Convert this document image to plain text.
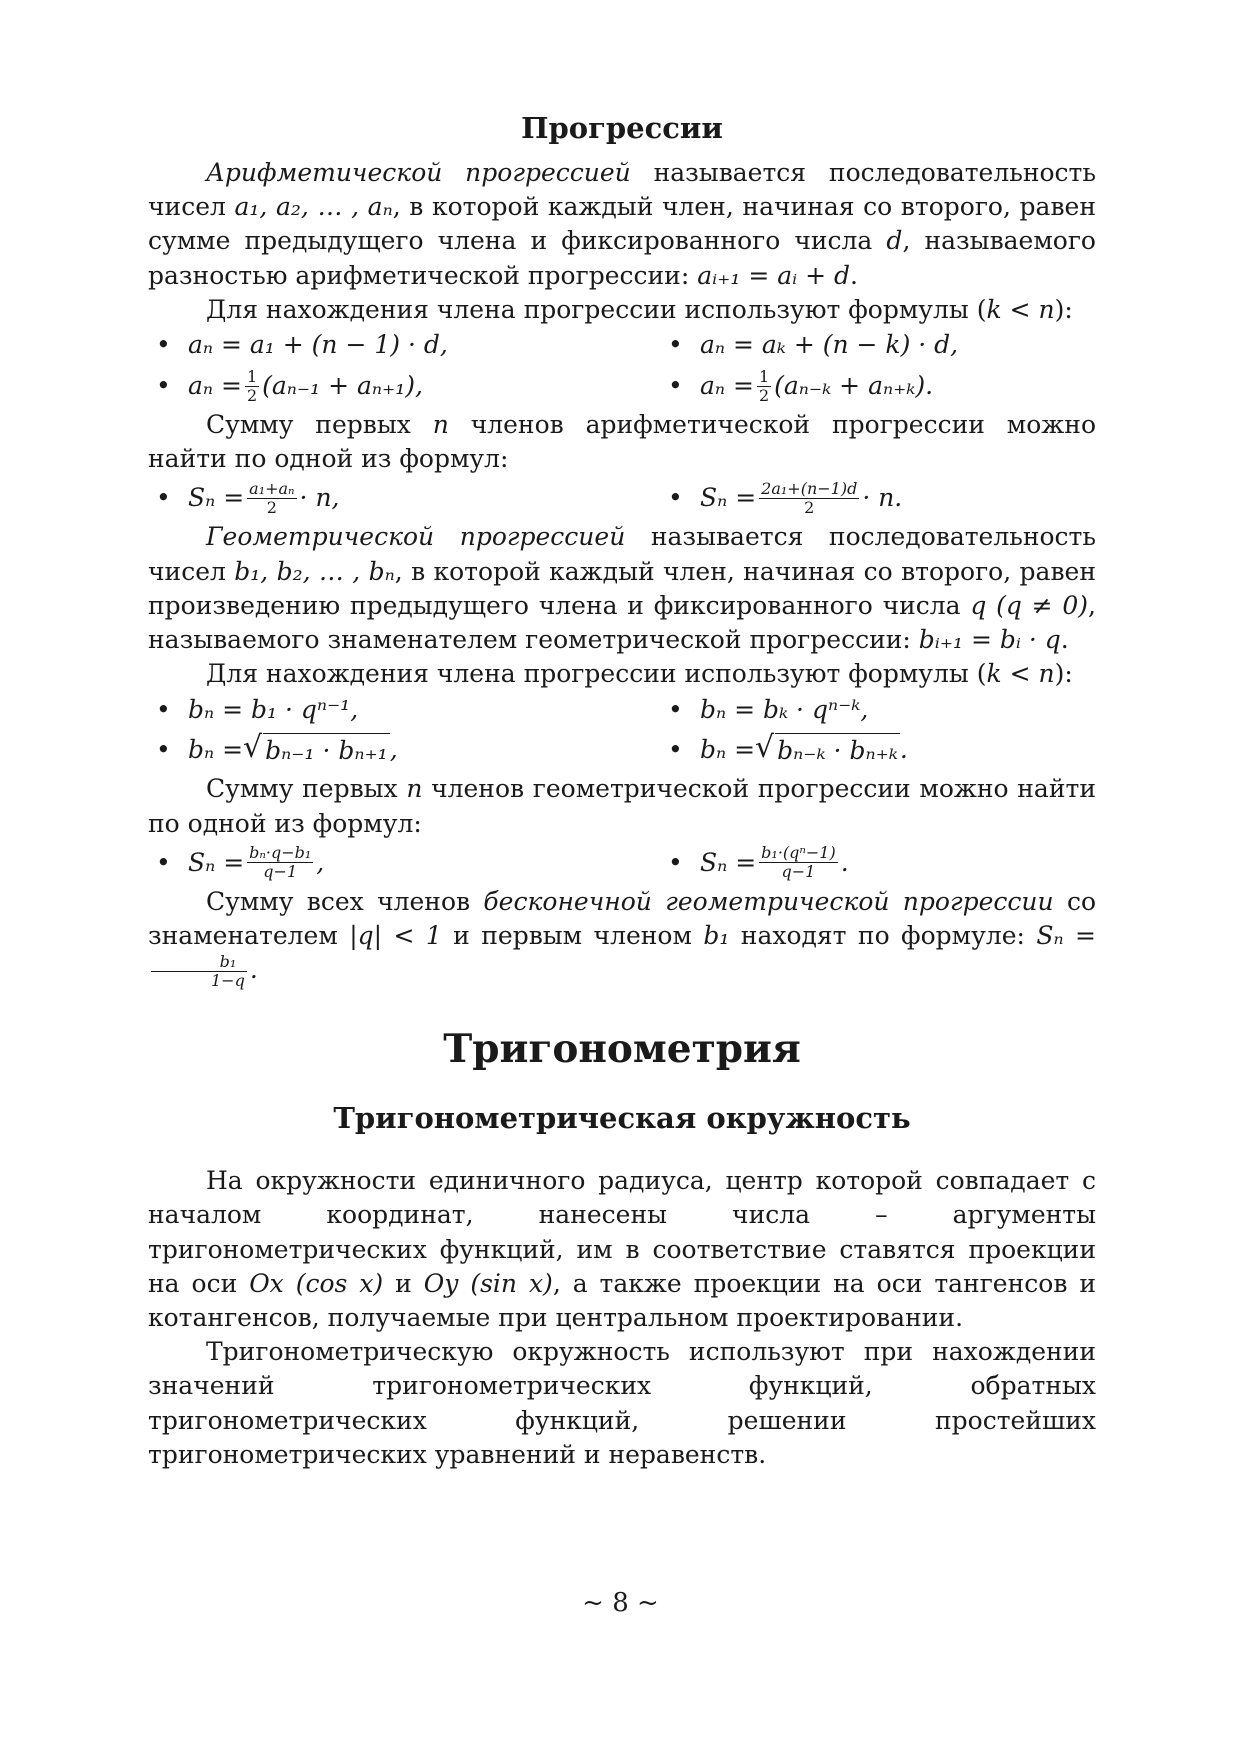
Прогрессии

Арифметической прогрессией называется последовательность чисел a₁, a₂, … , aₙ, в которой каждый член, начиная со второго, равен сумме предыдущего члена и фиксированного числа d, называемого разностью арифметической прогрессии: aᵢ₊₁ = aᵢ + d.

Для нахождения члена прогрессии используют формулы (k < n):

• aₙ = a₁ + (n − 1) · d,	• aₙ = aₖ + (n − k) · d,
• $a_n = \frac{1}{2} (a_{n-1} + a_{n+1})$,	• $a_n = \frac{1}{2} (a_{n-k} + a_{n+k})$.

Сумму первых n членов арифметической прогрессии можно найти по одной из формул:

• $S_n = \frac{\text{a₁+aₙ}}{2} \cdot n$,	• $S_n = \frac{\text{2a₁+(n−1)d}}{2} \cdot n$.

Геометрической прогрессией называется последовательность чисел b₁, b₂, … , bₙ, в которой каждый член, начиная со второго, равен произведению предыдущего члена и фиксированного числа q (q ≠ 0), называемого знаменателем геометрической прогрессии: bᵢ₊₁ = bᵢ · q.

Для нахождения члена прогрессии используют формулы (k < n):

• bₙ = b₁ · qⁿ⁻¹,	• bₙ = bₖ · qⁿ⁻ᵏ,
• bₙ = √ bₙ₋₁ · bₙ₊₁ ,	• bₙ = √ bₙ₋ₖ · bₙ₊ₖ .

Сумму первых n членов геометрической прогрессии можно найти по одной из формул:

• $S_n = \frac{\text{bₙ·q−b₁}}{q-1}$ ,	• $S_n = \frac{\text{b₁·(qⁿ−1)}}{q-1}$ .

Сумму всех членов бесконечной геометрической прогрессии со знаменателем |q| < 1 и первым членом b₁ находят по формуле: Sₙ =
$\frac{\text{b₁}}{1-q}$ .

Тригонометрия
Тригонометрическая окружность

На окружности единичного радиуса, центр которой совпадает с началом координат, нанесены числа – аргументы тригонометрических функций, им в соответствие ставятся проекции на оси Ox (cos x) и Oy (sin x), а также проекции на оси тангенсов и котангенсов, получаемые при центральном проектировании.

Тригонометрическую окружность используют при нахождении значений тригонометрических функций, обратных тригонометрических функций, решении простейших тригонометрических уравнений и неравенств.

~ 8 ~
